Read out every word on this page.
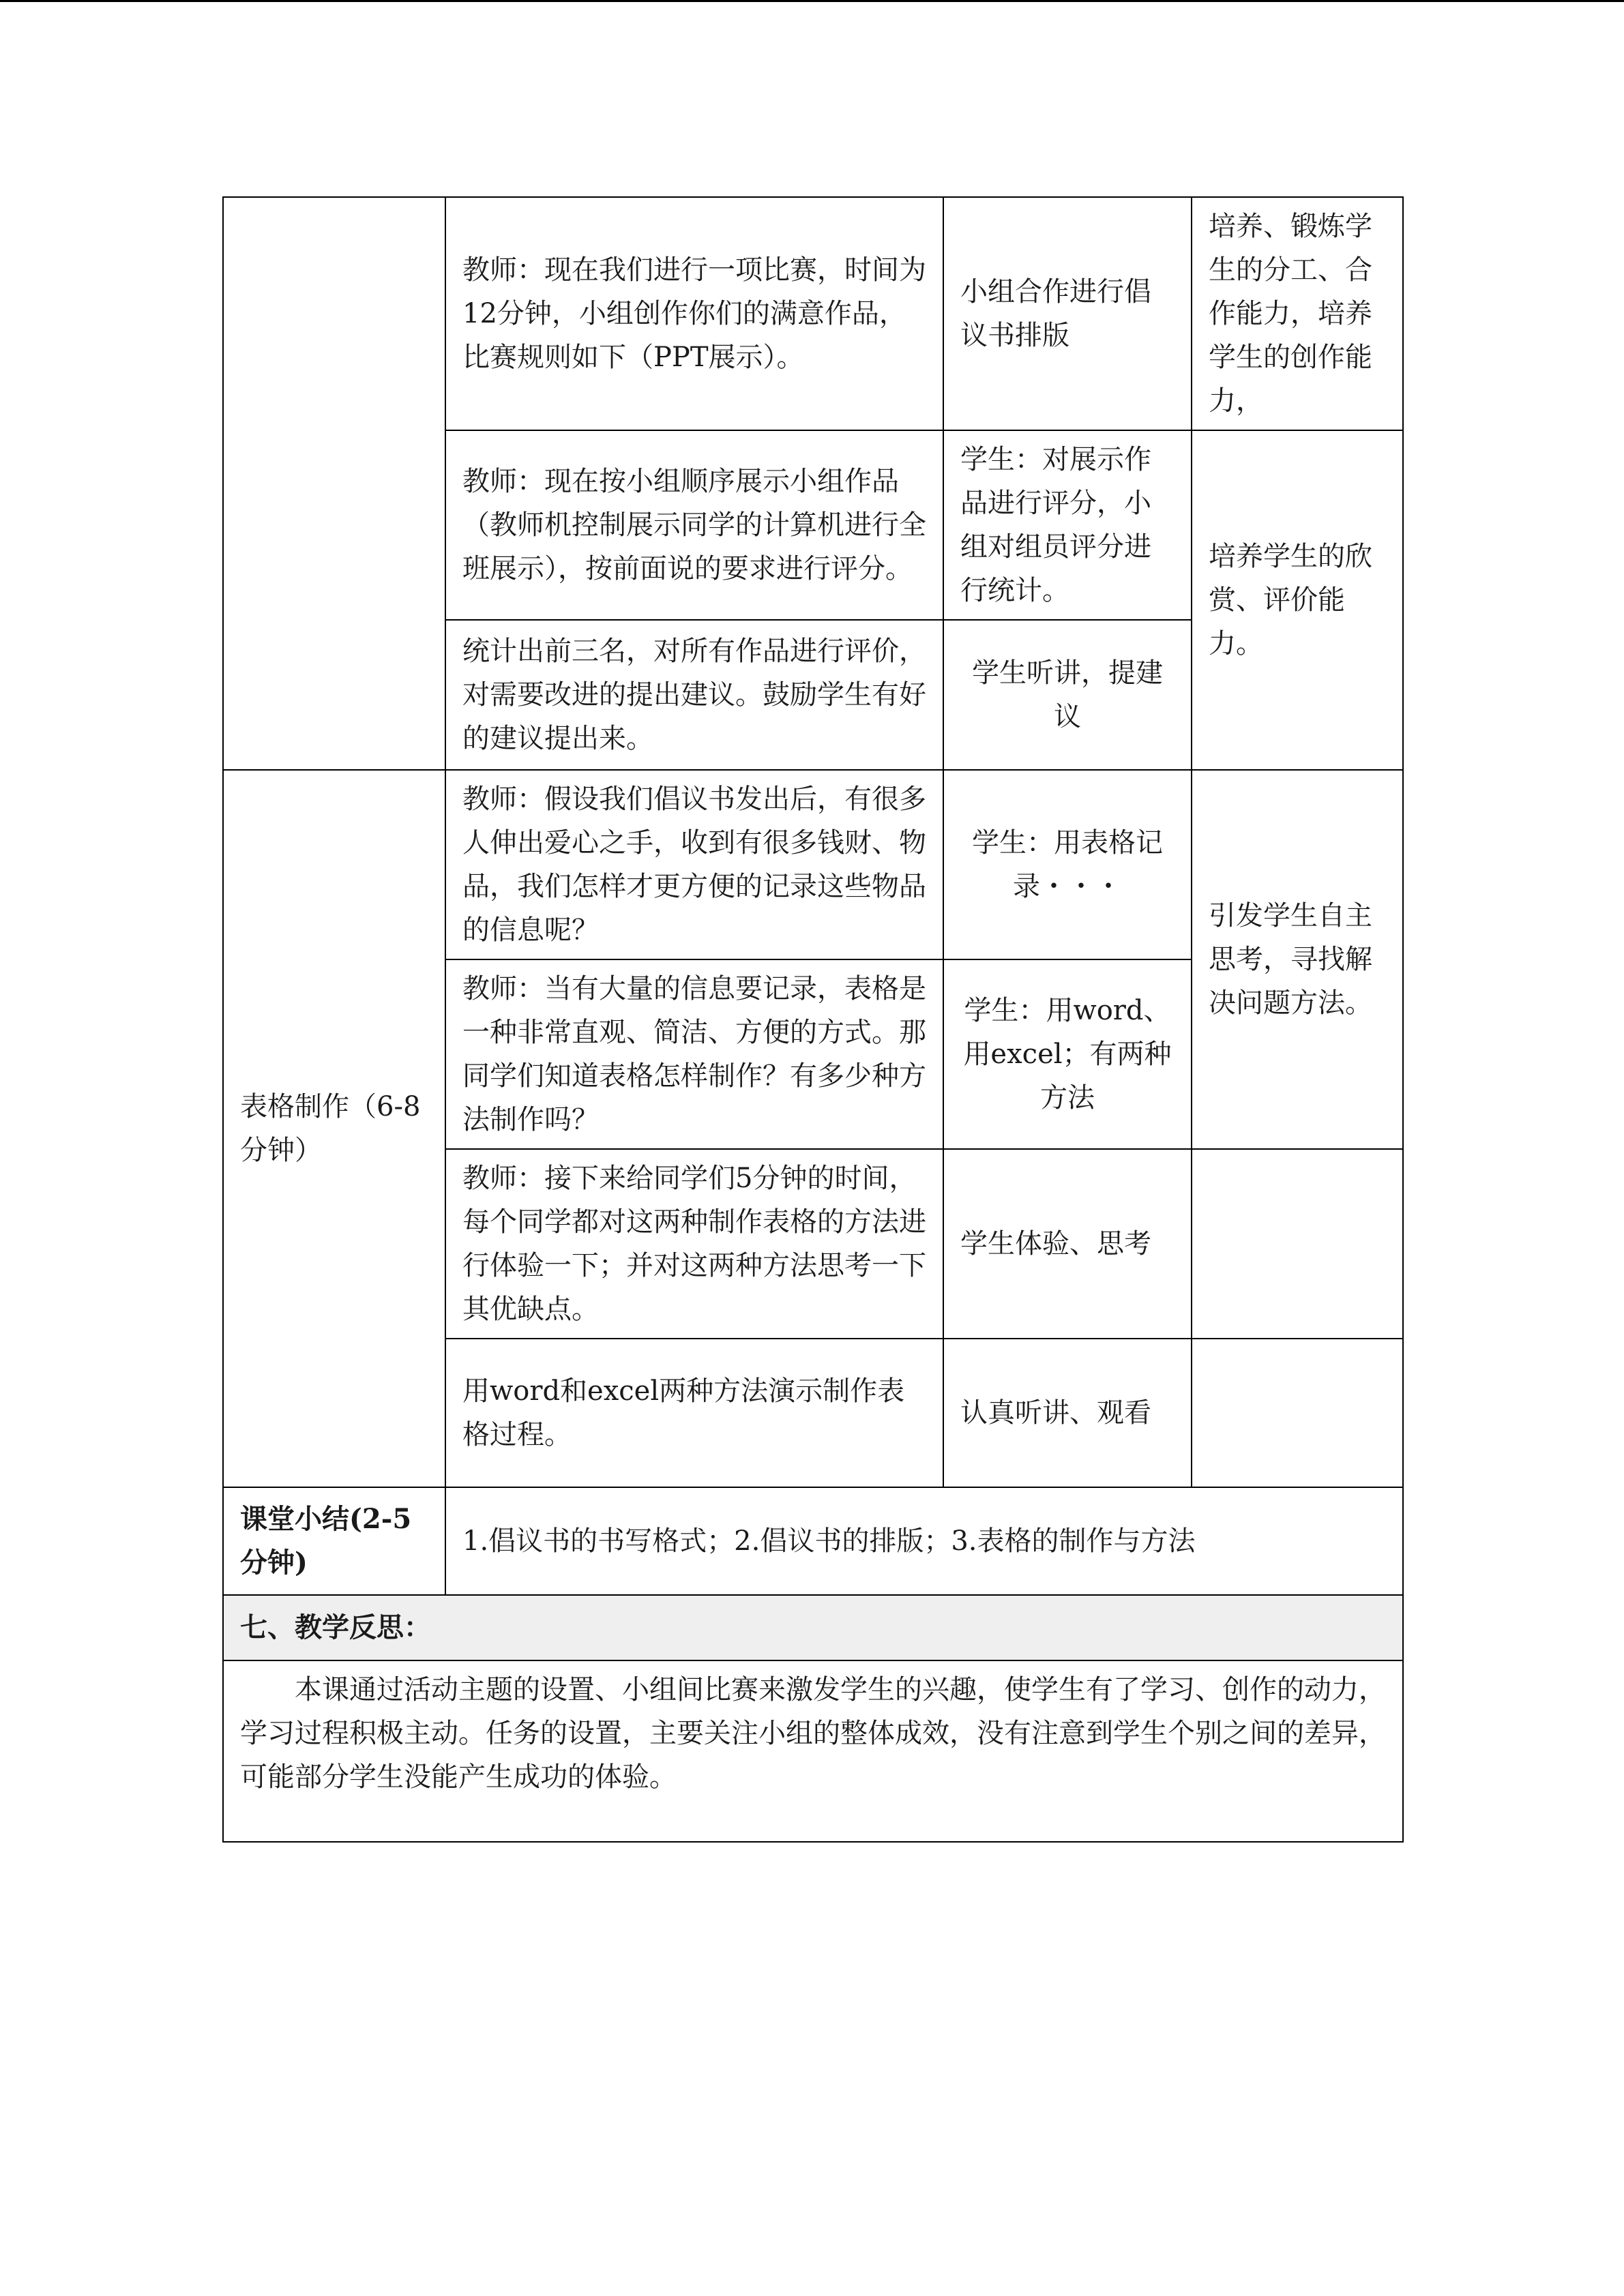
	教师：现在我们进行一项比赛，时间为12分钟，小组创作你们的满意作品，比赛规则如下（PPT展示）。	小组合作进行倡议书排版	培养、锻炼学生的分工、合作能力，培养学生的创作能力，
	教师：现在按小组顺序展示小组作品（教师机控制展示同学的计算机进行全班展示），按前面说的要求进行评分。	学生：对展示作品进行评分，小组对组员评分进行统计。	培养学生的欣赏、评价能力。
	统计出前三名，对所有作品进行评价，对需要改进的提出建议。鼓励学生有好的建议提出来。	学生听讲，提建议	
表格制作（6-8分钟）	教师：假设我们倡议书发出后，有很多人伸出爱心之手，收到有很多钱财、物品，我们怎样才更方便的记录这些物品的信息呢？	学生：用表格记录・・・	引发学生自主思考，寻找解决问题方法。
	教师：当有大量的信息要记录，表格是一种非常直观、简洁、方便的方式。那同学们知道表格怎样制作？有多少种方法制作吗？	学生：用word、用excel；有两种方法	
	教师：接下来给同学们5分钟的时间，每个同学都对这两种制作表格的方法进行体验一下；并对这两种方法思考一下其优缺点。	学生体验、思考	
	用word和excel两种方法演示制作表格过程。	认真听讲、观看	
课堂小结(2-5分钟)	1.倡议书的书写格式；2.倡议书的排版；3.表格的制作与方法		
七、教学反思：			
本课通过活动主题的设置、小组间比赛来激发学生的兴趣，使学生有了学习、创作的动力，学习过程积极主动。任务的设置，主要关注小组的整体成效，没有注意到学生个别之间的差异，可能部分学生没能产生成功的体验。			
